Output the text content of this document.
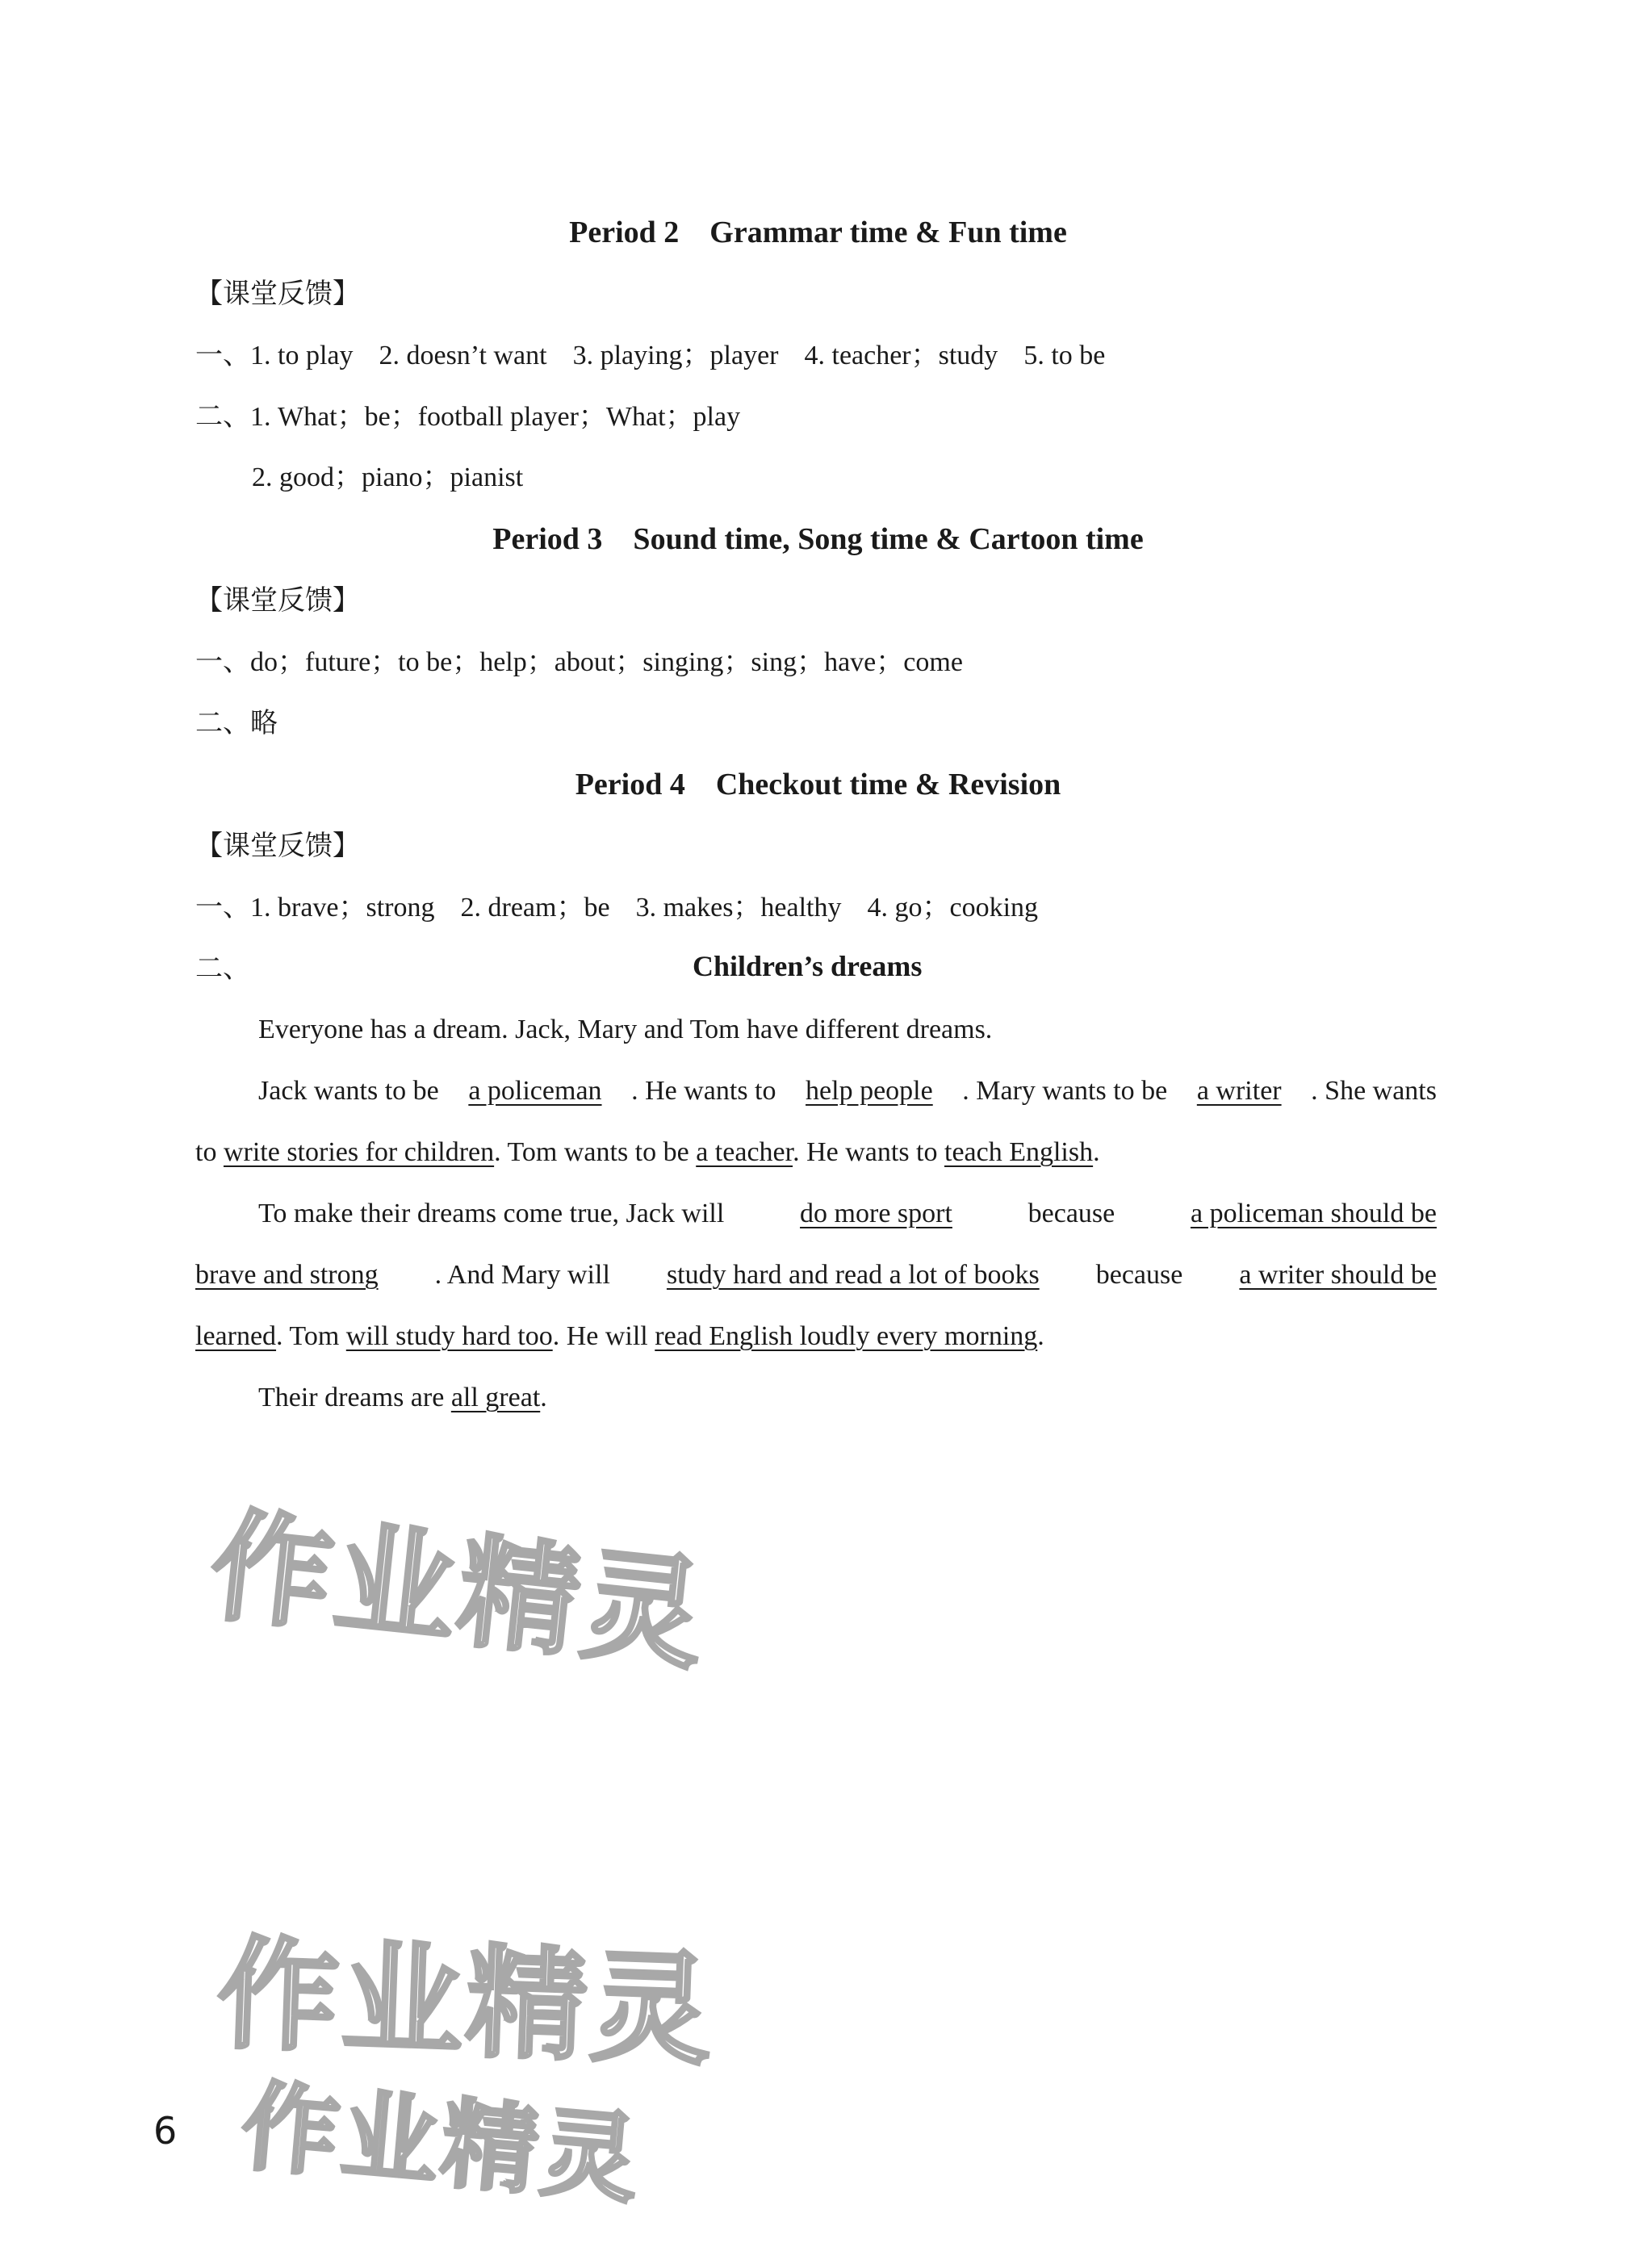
Period 2　Grammar time & Fun time
【课堂反馈】
一、1. to play 2. doesn’t want 3. playing；player 4. teacher；study 5. to be
二、1. What；be；football player；What；play
2. good；piano；pianist
Period 3　Sound time, Song time & Cartoon time
【课堂反馈】
一、do；future；to be；help；about；singing；sing；have；come
二、略
Period 4　Checkout time & Revision
【课堂反馈】
一、1. brave；strong 2. dream；be 3. makes；healthy 4. go；cooking
二、	Children’s dreams
Everyone has a dream. Jack, Mary and Tom have different dreams.
Jack wants to be a policeman . He wants to help people . Mary wants to be a writer . She wants
to write stories for children. Tom wants to be a teacher. He wants to teach English.
To make their dreams come true, Jack will	do more sport	because	a policeman should be
brave and strong . And Mary will study hard and read a lot of books because a writer should be
learned. Tom will study hard too. He will read English loudly every morning.
Their dreams are all great.
作业精灵
作业精灵
作业精灵
6
